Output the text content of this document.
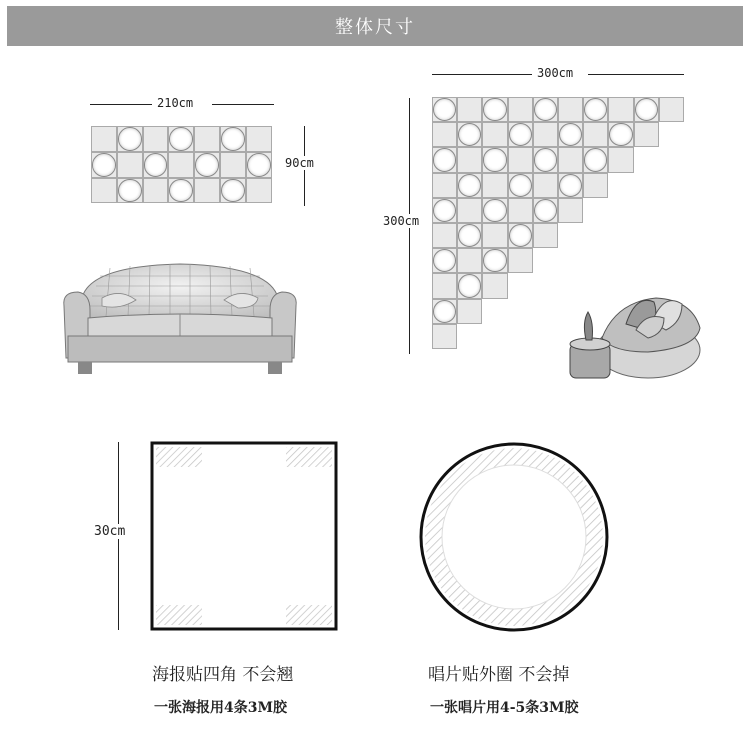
整体尺寸
210cm
90cm
300cm
300cm
30cm
海报贴四角 不会翘
一张海报用4条3M胶
唱片贴外圈 不会掉
一张唱片用4-5条3M胶
